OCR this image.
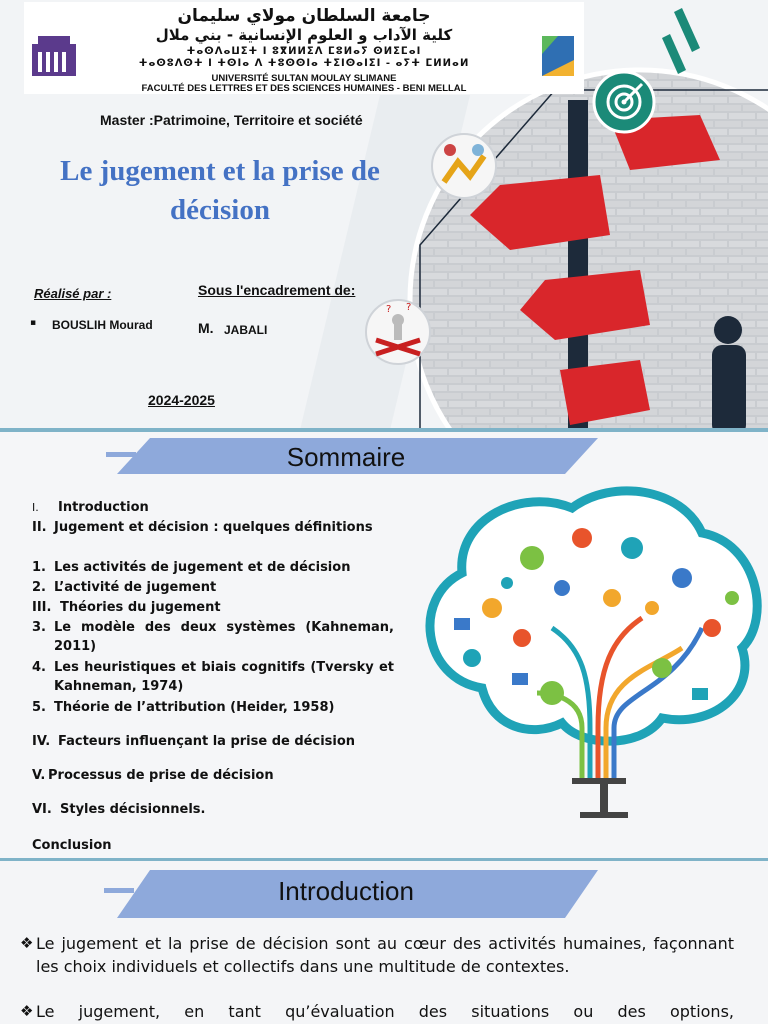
جامعة السلطان مولاي سليمان
كلية الآداب و العلوم الإنسانية - بني ملال
ⵜⴰⵙⴷⴰⵡⵉⵜ ⵏ ⵓⴳⵍⵍⵉⴷ ⵎⵓⵍⴰⵢ ⵙⵍⵉⵎⴰⵏ
ⵜⴰⵙⵓⴷⵙⵜ ⵏ ⵜⵙⵏⴰ ⴷ ⵜⵓⵙⵙⵏⴰ ⵜⵉⵏⵙⴰⵏⵉⵏ - ⴰⵢⵜ ⵎⵍⵍⴰⵍ
UNIVERSITÉ SULTAN MOULAY SLIMANE
FACULTÉ DES LETTRES ET DES SCIENCES HUMAINES - BENI MELLAL
? ?
Master :Patrimoine, Territoire et société
Le jugement et la prise de décision
Réalisé par :
▪ BOUSLIH Mourad
Sous l'encadrement de:
M. JABALI
2024-2025
Sommaire
I.	Introduction
II. Jugement et décision : quelques définitions
1. Les activités de jugement et de décision
2. L’activité de jugement
III. Théories du jugement
3. Le modèle des deux systèmes (Kahneman, 2011)
4. Les heuristiques et biais cognitifs (Tversky et Kahneman, 1974)
5. Théorie de l’attribution (Heider, 1958)
IV. Facteurs influençant la prise de décision
V. Processus de prise de décision
VI. Styles décisionnels.
Conclusion
Introduction
❖ Le jugement et la prise de décision sont au cœur des activités humaines, façonnant les choix individuels et collectifs dans une multitude de contextes.
❖ Le jugement, en tant qu’évaluation des situations ou des options,
